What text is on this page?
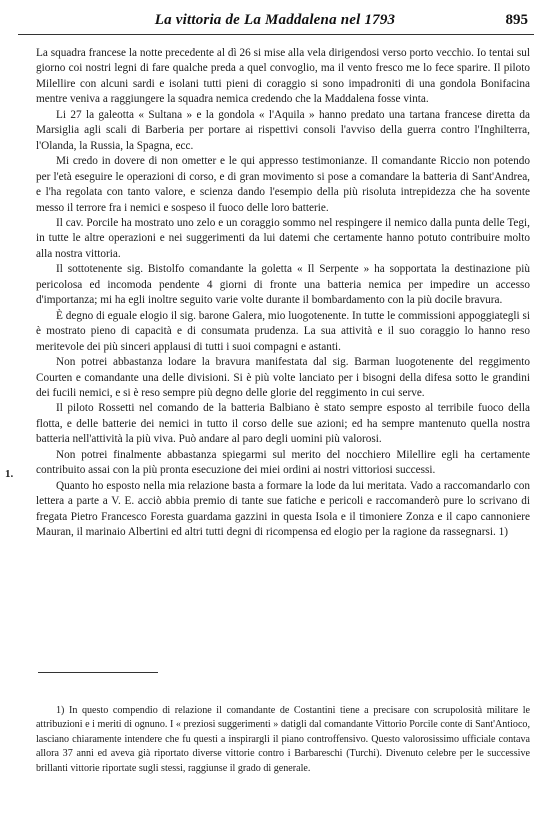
La vittoria de La Maddalena nel 1793	895
1.

La squadra francese la notte precedente al dì 26 si mise alla vela dirigendosi verso porto vecchio. Io tentai sul giorno coi nostri legni di fare qualche preda a quel convoglio, ma il vento fresco me lo fece sparire. Il piloto Milellire con alcuni sardi e isolani tutti pieni di coraggio si sono impadroniti di una gondola Bonifacina mentre veniva a raggiungere la squadra nemica credendo che la Maddalena fosse vinta.

Li 27 la galeotta « Sultana » e la gondola « l'Aquila » hanno predato una tartana francese diretta da Marsiglia agli scali di Barberia per portare ai rispettivi consoli l'avviso della guerra contro l'Inghilterra, l'Olanda, la Russia, la Spagna, ecc.

Mi credo in dovere di non ometter e le qui appresso testimonianze. Il comandante Riccio non potendo per l'età eseguire le operazioni di corso, e di gran movimento si pose a comandare la batteria di Sant'Andrea, e l'ha regolata con tanto valore, e scienza dando l'esempio della più risoluta intrepidezza che ha sovente messo il terrore fra i nemici e sospeso il fuoco delle loro batterie.

Il cav. Porcile ha mostrato uno zelo e un coraggio sommo nel respingere il nemico dalla punta delle Tegi, in tutte le altre operazioni e nei suggerimenti da lui datemi che certamente hanno potuto contribuire molto alla nostra vittoria.

Il sottotenente sig. Bistolfo comandante la goletta « Il Serpente » ha sopportata la destinazione più pericolosa ed incomoda pendente 4 giorni di fronte una batteria nemica per impedire un accesso d'importanza; mi ha egli inoltre seguito varie volte durante il bombardamento con la più docile bravura.

È degno di eguale elogio il sig. barone Galera, mio luogotenente. In tutte le commissioni appoggiategli si è mostrato pieno di capacità e di consumata prudenza. La sua attività e il suo coraggio lo hanno reso meritevole dei più sinceri applausi di tutti i suoi compagni e astanti.

Non potrei abbastanza lodare la bravura manifestata dal sig. Barman luogotenente del reggimento Courten e comandante una delle divisioni. Si è più volte lanciato per i bisogni della difesa sotto le grandini dei fucili nemici, e si è reso sempre più degno delle glorie del reggimento in cui serve.

Il piloto Rossetti nel comando de la batteria Balbiano è stato sempre esposto al terribile fuoco della flotta, e delle batterie dei nemici in tutto il corso delle sue azioni; ed ha sempre mantenuto quella nostra batteria nell'attività la più viva. Può andare al paro degli uomini più valorosi.

Non potrei finalmente abbastanza spiegarmi sul merito del nocchiero Milellire egli ha certamente contribuito assai con la più pronta esecuzione dei miei ordini ai nostri vittoriosi successi.

Quanto ho esposto nella mia relazione basta a formare la lode da lui meritata. Vado a raccomandarlo con lettera a parte a V. E. acciò abbia premio di tante sue fatiche e pericoli e raccomanderò pure lo scrivano di fregata Pietro Francesco Foresta guardama gazzini in questa Isola e il timoniere Zonza e il capo cannoniere Mauran, il marinaio Albertini ed altri tutti degni di ricompensa ed elogio per la ragione da rassegnarsi. 1)

1) In questo compendio di relazione il comandante de Costantini tiene a precisare con scrupolosità militare le attribuzioni e i meriti di ognuno. I « preziosi suggerimenti » datigli dal comandante Vittorio Porcile conte di Sant'Antioco, lasciano chiaramente intendere che fu questi a inspirargli il piano controffensivo. Questo valorosissimo ufficiale contava allora 37 anni ed aveva già riportato diverse vittorie contro i Barbareschi (Turchi). Divenuto celebre per le successive brillanti vittorie riportate sugli stessi, raggiunse il grado di generale.
